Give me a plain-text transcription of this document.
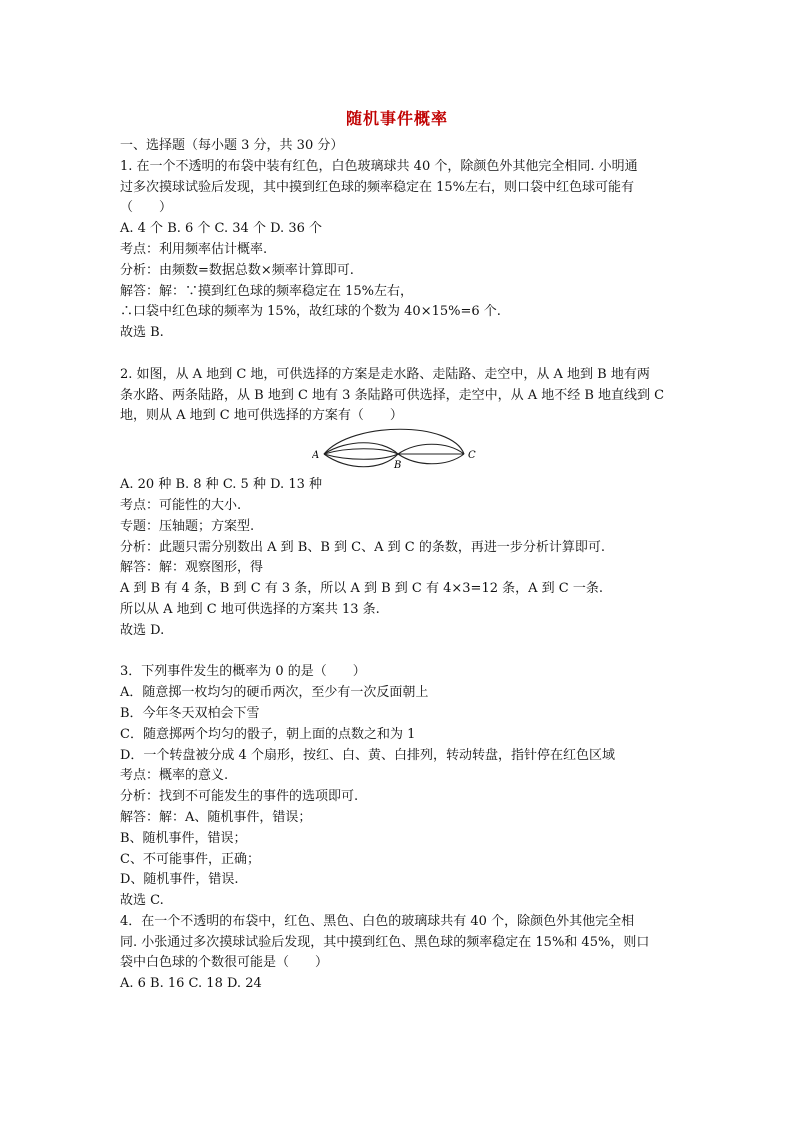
随机事件概率
一、选择题（每小题 3 分，共 30 分）
1. 在一个不透明的布袋中装有红色，白色玻璃球共 40 个，除颜色外其他完全相同. 小明通
过多次摸球试验后发现，其中摸到红色球的频率稳定在 15%左右，则口袋中红色球可能有
（　　）
A. 4 个 B. 6 个 C. 34 个 D. 36 个
考点：利用频率估计概率.
分析：由频数=数据总数×频率计算即可.
解答：解：∵摸到红色球的频率稳定在 15%左右，
∴口袋中红色球的频率为 15%，故红球的个数为 40×15%=6 个.
故选 B.
2. 如图，从 A 地到 C 地，可供选择的方案是走水路、走陆路、走空中，从 A 地到 B 地有两
条水路、两条陆路，从 B 地到 C 地有 3 条陆路可供选择，走空中，从 A 地不经 B 地直线到 C
地，则从 A 地到 C 地可供选择的方案有（　　）
A
B
C
A. 20 种 B. 8 种 C. 5 种 D. 13 种
考点：可能性的大小.
专题：压轴题；方案型.
分析：此题只需分别数出 A 到 B、B 到 C、A 到 C 的条数，再进一步分析计算即可.
解答：解：观察图形，得
A 到 B 有 4 条，B 到 C 有 3 条，所以 A 到 B 到 C 有 4×3=12 条，A 到 C 一条.
所以从 A 地到 C 地可供选择的方案共 13 条.
故选 D.
3．下列事件发生的概率为 0 的是（　　）
A．随意掷一枚均匀的硬币两次，至少有一次反面朝上
B．今年冬天双柏会下雪
C．随意掷两个均匀的骰子，朝上面的点数之和为 1
D．一个转盘被分成 4 个扇形，按红、白、黄、白排列，转动转盘，指针停在红色区域
考点：概率的意义.
分析：找到不可能发生的事件的选项即可.
解答：解：A、随机事件，错误；
B、随机事件，错误；
C、不可能事件，正确；
D、随机事件，错误.
故选 C.
4．在一个不透明的布袋中，红色、黑色、白色的玻璃球共有 40 个，除颜色外其他完全相
同. 小张通过多次摸球试验后发现，其中摸到红色、黑色球的频率稳定在 15%和 45%，则口
袋中白色球的个数很可能是（　　）
A. 6 B. 16 C. 18 D. 24
